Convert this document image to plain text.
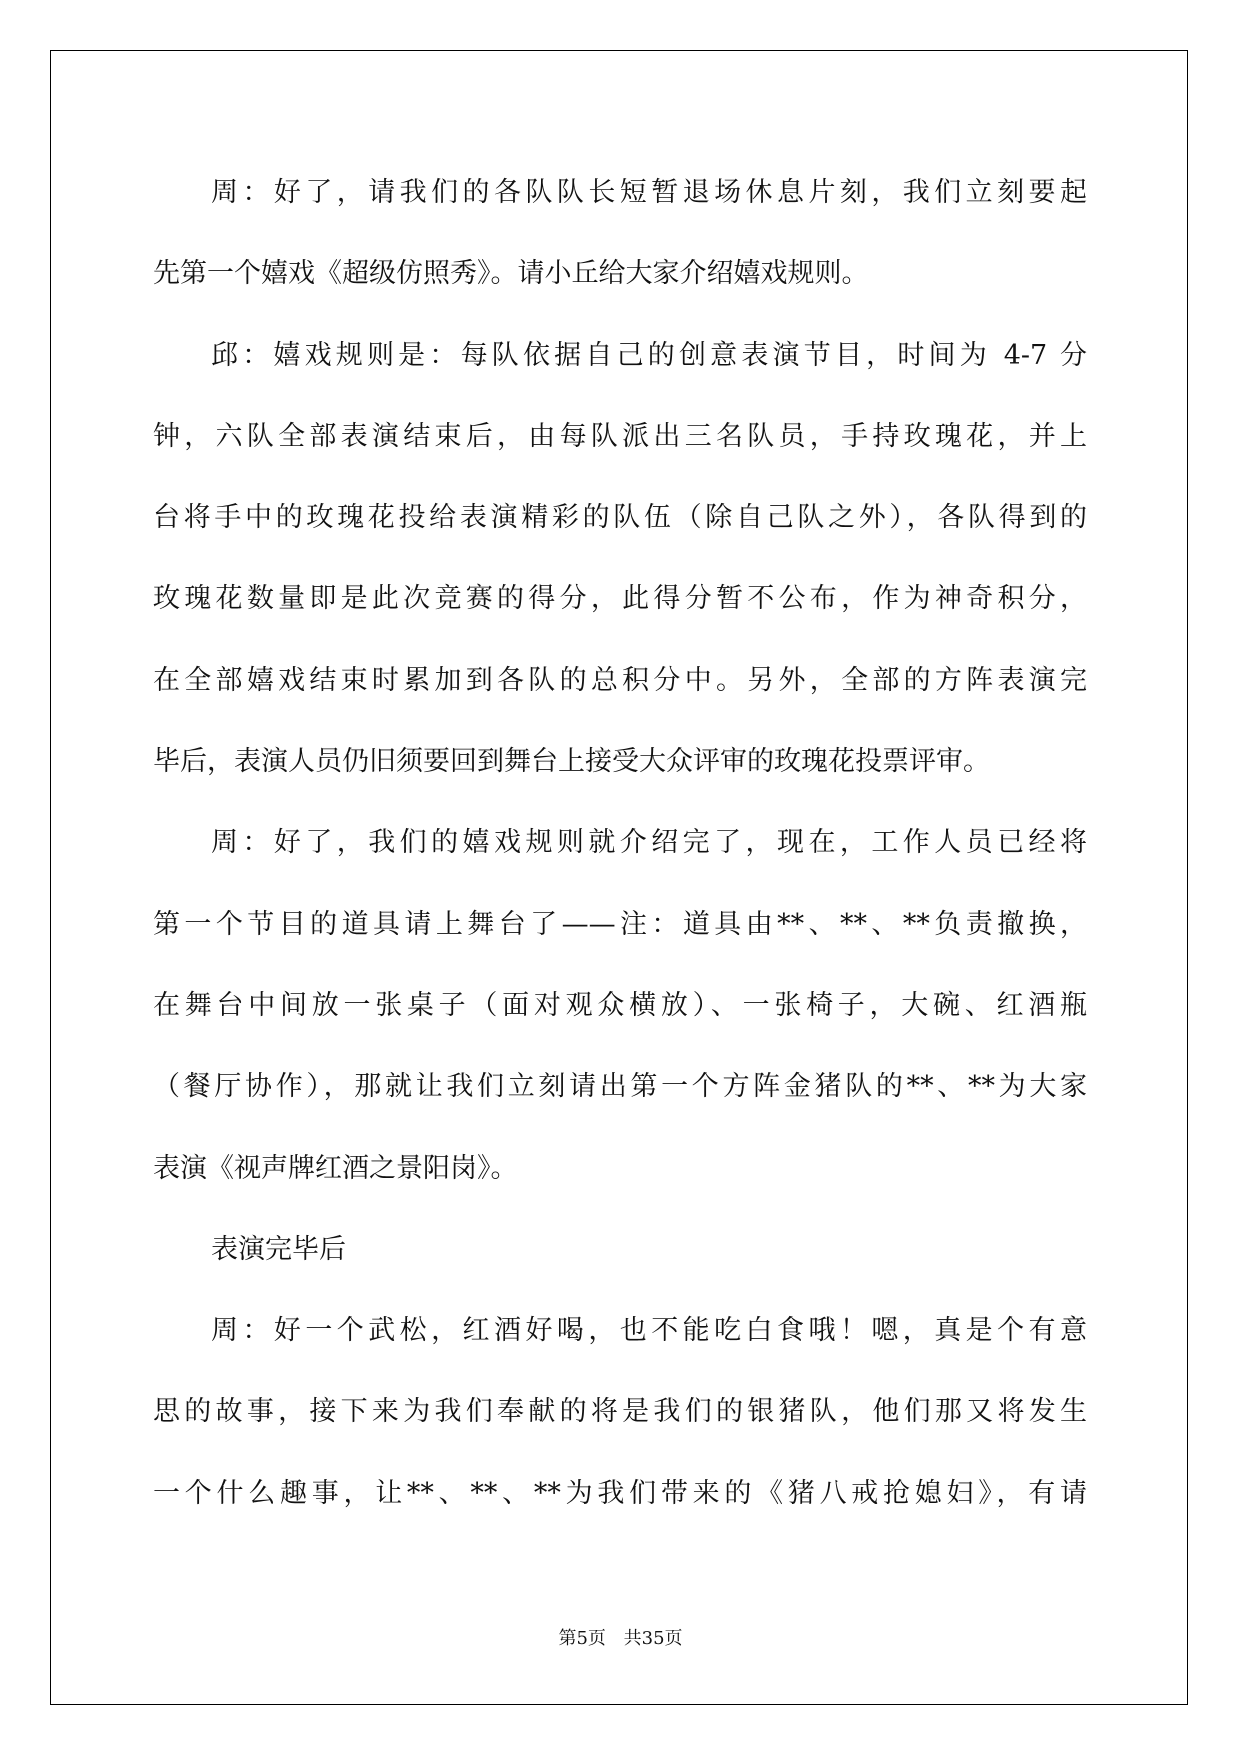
周：好了，请我们的各队队长短暂退场休息片刻，我们立刻要起
先第一个嬉戏《超级仿照秀》。请小丘给大家介绍嬉戏规则。
邱：嬉戏规则是：每队依据自己的创意表演节目，时间为 4-7 分
钟，六队全部表演结束后，由每队派出三名队员，手持玫瑰花，并上
台将手中的玫瑰花投给表演精彩的队伍（除自己队之外），各队得到的
玫瑰花数量即是此次竞赛的得分，此得分暂不公布，作为神奇积分，
在全部嬉戏结束时累加到各队的总积分中。另外，全部的方阵表演完
毕后，表演人员仍旧须要回到舞台上接受大众评审的玫瑰花投票评审。
周：好了，我们的嬉戏规则就介绍完了，现在，工作人员已经将
第一个节目的道具请上舞台了——注：道具由**、**、**负责撤换，
在舞台中间放一张桌子（面对观众横放）、一张椅子，大碗、红酒瓶
（餐厅协作），那就让我们立刻请出第一个方阵金猪队的**、**为大家
表演《视声牌红酒之景阳岗》。
表演完毕后
周：好一个武松，红酒好喝，也不能吃白食哦！嗯，真是个有意
思的故事，接下来为我们奉献的将是我们的银猪队，他们那又将发生
一个什么趣事，让**、**、**为我们带来的《猪八戒抢媳妇》，有请
第5页 共35页
